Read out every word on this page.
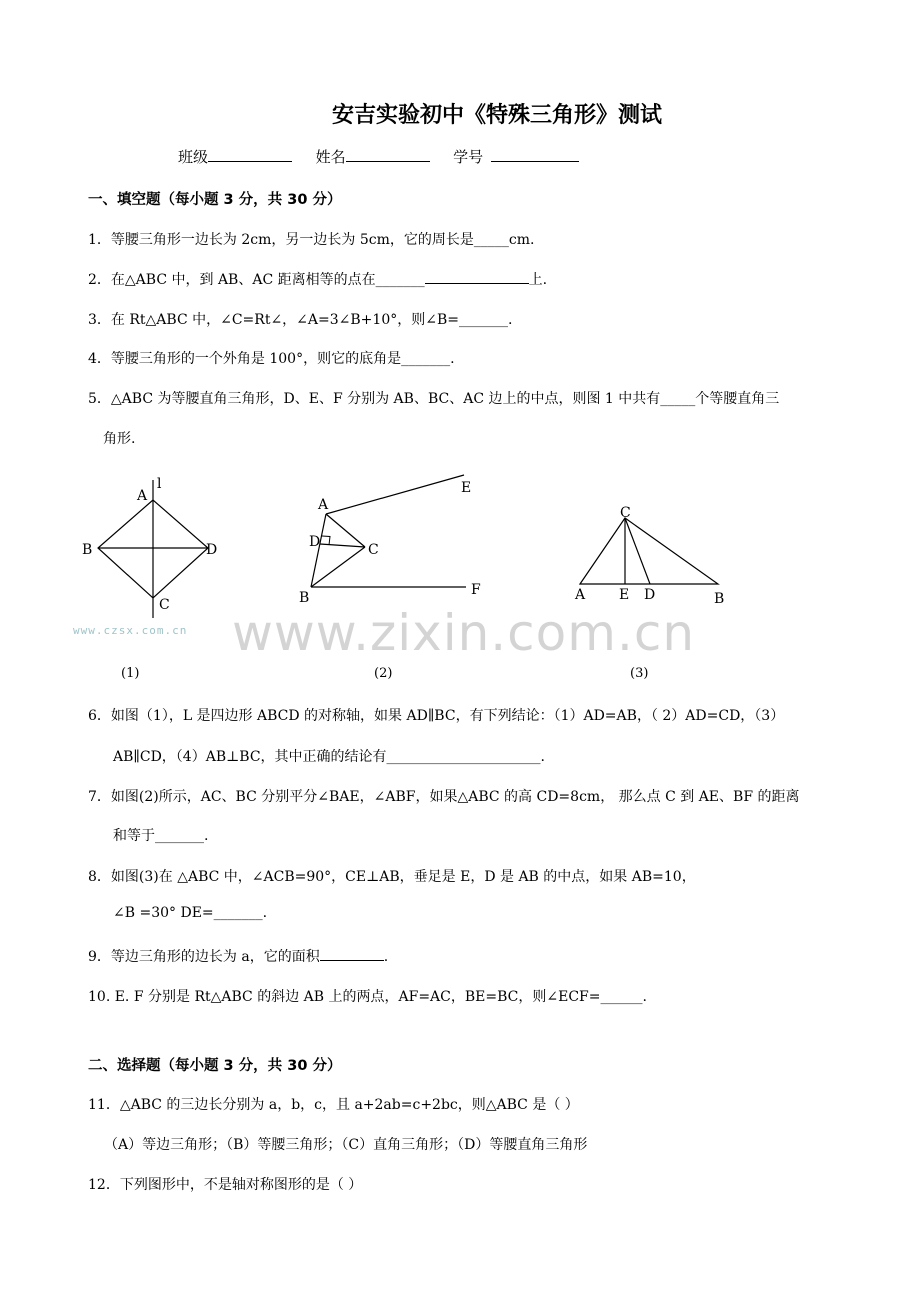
安吉实验初中《特殊三角形》测试
班级	姓名	学号
一、填空题（每小题 3 分，共 30 分）
1．等腰三角形一边长为 2cm，另一边长为 5cm，它的周长是_____cm.
2．在△ABC 中，到 AB、AC 距离相等的点在_______	上.
3．在 Rt△ABC 中，∠C=Rt∠，∠A=3∠B+10°，则∠B=_______.
4．等腰三角形的一个外角是 100°，则它的底角是_______.
5．△ABC 为等腰直角三角形，D、E、F 分别为 AB、BC、AC 边上的中点，则图 1 中共有_____个等腰直角三
角形.
A
l
B	D
C
A
E
D	C
B	F
C
A E D	B
www.czsx.com.cn www.zixin.com.cn
(1)	(2)	(3)
6．如图（1），L 是四边形 ABCD 的对称轴，如果 AD∥BC，有下列结论：（1）AD=AB，（ 2）AD=CD，（3）
AB∥CD，（4）AB⊥BC，其中正确的结论有______________________.
7．如图(2)所示，AC、BC 分别平分∠BAE，∠ABF，如果△ABC 的高 CD=8cm， 那么点 C 到 AE、BF 的距离
和等于_______.
8．如图(3)在 △ABC 中，∠ACB=90°，CE⊥AB，垂足是 E，D 是 AB 的中点，如果 AB=10，
∠B =30° DE=_______.
9．等边三角形的边长为 a，它的面积	.
10. E. F 分别是 Rt△ABC 的斜边 AB 上的两点，AF=AC，BE=BC，则∠ECF=______.
二、选择题（每小题 3 分，共 30 分）
11．△ABC 的三边长分别为 a，b，c，且 a+2ab=c+2bc，则△ABC 是（ ）
（A）等边三角形；（B）等腰三角形；（C）直角三角形；（D）等腰直角三角形
12．下列图形中，不是轴对称图形的是（ ）
